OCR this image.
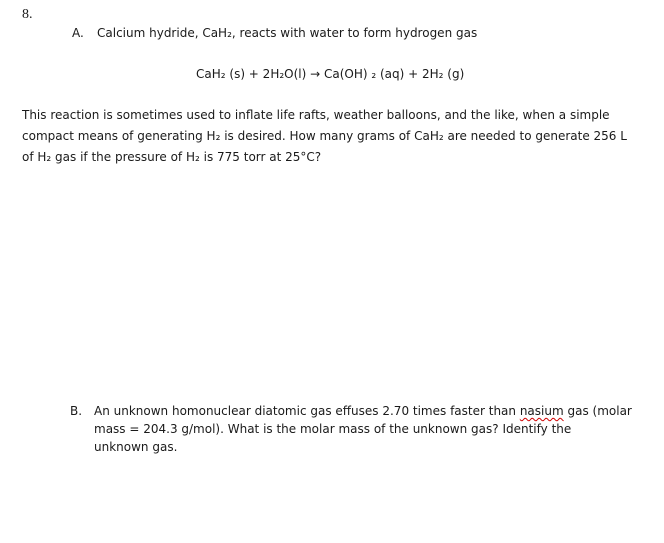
8.
A. Calcium hydride, CaH₂, reacts with water to form hydrogen gas
CaH₂ (s) + 2H₂O(l) → Ca(OH) ₂ (aq) + 2H₂ (g)
This reaction is sometimes used to inflate life rafts, weather balloons, and the like, when a simple
compact means of generating H₂ is desired. How many grams of CaH₂ are needed to generate 256 L
of H₂ gas if the pressure of H₂ is 775 torr at 25°C?
B. An unknown homonuclear diatomic gas effuses 2.70 times faster than nasium gas (molar
mass = 204.3 g/mol). What is the molar mass of the unknown gas? Identify the
unknown gas.
